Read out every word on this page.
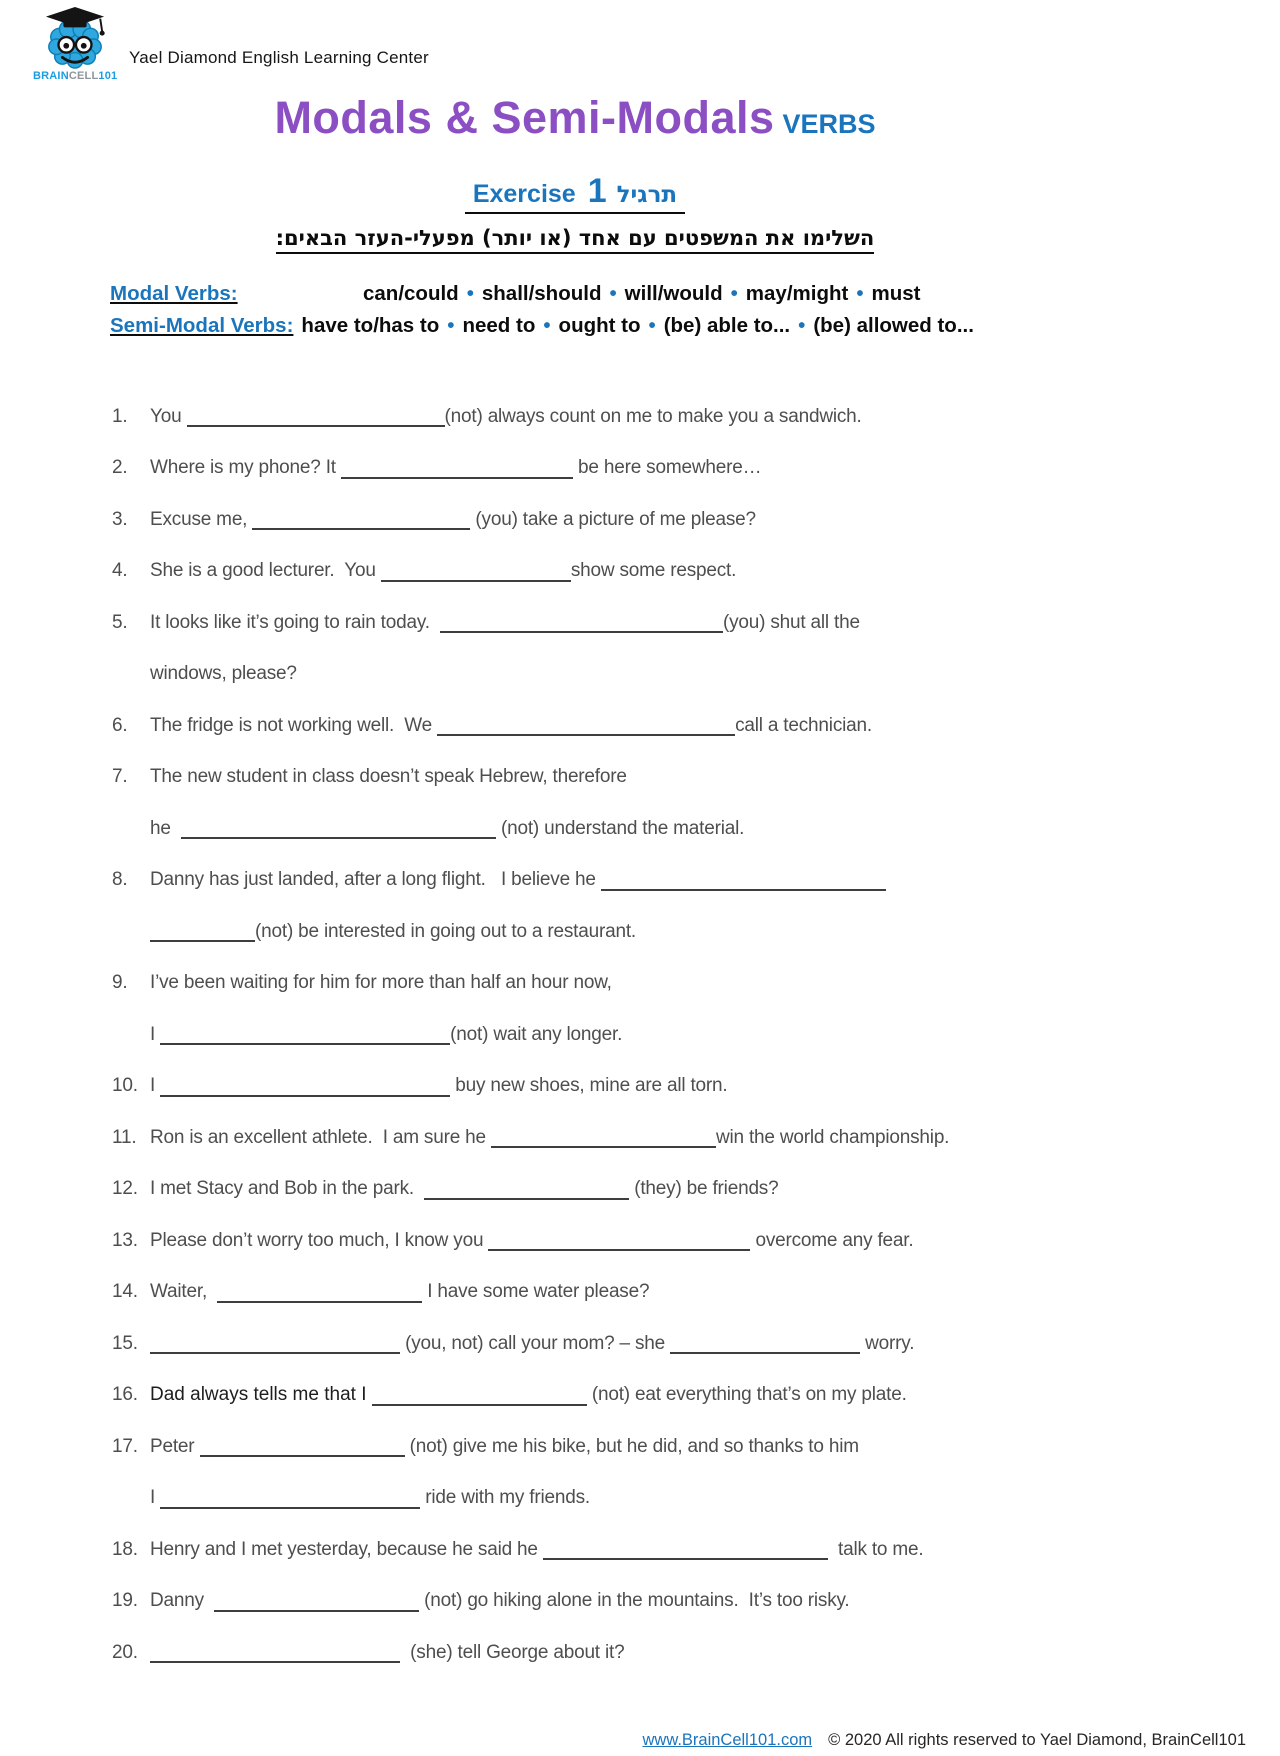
BRAINCELL101
Yael Diamond English Learning Center
Modals & Semi-Modals VERBS
Exercise 1 תרגיל
השלימו את המשפטים עם אחד (או יותר) מפעלי-העזר הבאים:
Modal Verbs:	can/could • shall/should • will/would • may/might • must
Semi-Modal Verbs: have to/has to • need to • ought to • (be) able to... • (be) allowed to...
1.	You	(not) always count on me to make you a sandwich.
2.	Where is my phone? It	be here somewhere…
3.	Excuse me,	(you) take a picture of me please?
4.	She is a good lecturer.  You	show some respect.
5.	It looks like it’s going to rain today.	(you) shut all the
windows, please?
6.	The fridge is not working well.  We	call a technician.
7.	The new student in class doesn’t speak Hebrew, therefore
he	(not) understand the material.
8.	Danny has just landed, after a long flight.   I believe he
(not) be interested in going out to a restaurant.
9.	I’ve been waiting for him for more than half an hour now,
I	(not) wait any longer.
10. I	buy new shoes, mine are all torn.
11. Ron is an excellent athlete.  I am sure he	win the world championship.
12. I met Stacy and Bob in the park.	(they) be friends?
13. Please don’t worry too much, I know you	overcome any fear.
14. Waiter,	I have some water please?
15.	(you, not) call your mom? – she	worry.
16. Dad always tells me that I	(not) eat everything that’s on my plate.
17. Peter	(not) give me his bike, but he did, and so thanks to him
I	ride with my friends.
18. Henry and I met yesterday, because he said he	talk to me.
19. Danny	(not) go hiking alone in the mountains.  It’s too risky.
20.	(she) tell George about it?

www.BrainCell101.com © 2020 All rights reserved to Yael Diamond, BrainCell101
